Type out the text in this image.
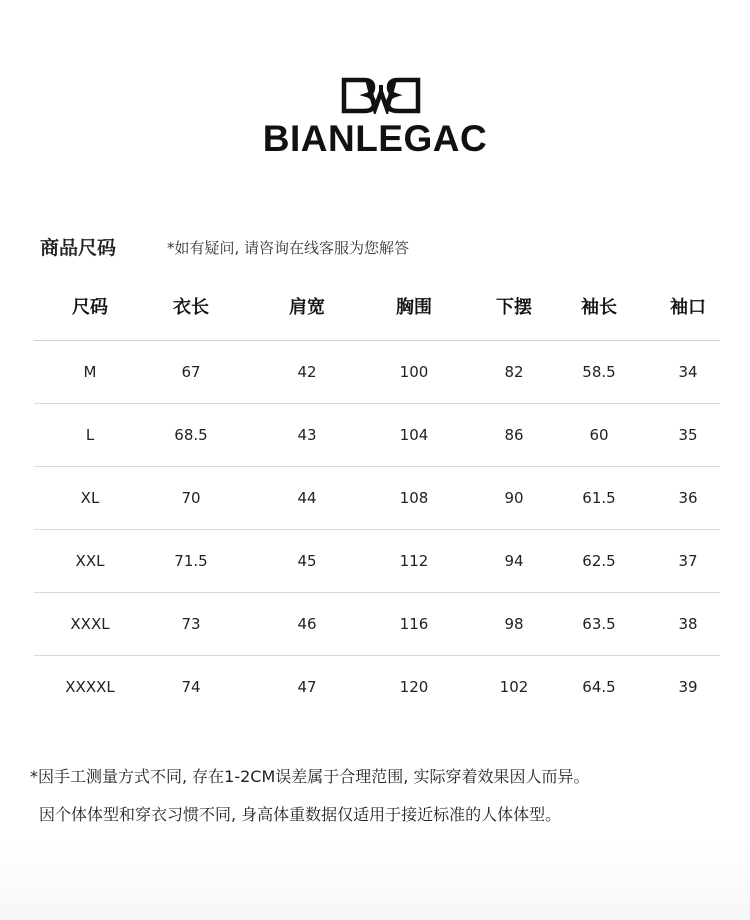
BIANLEGAC
商品尺码	*如有疑问, 请咨询在线客服为您解答
尺码	衣长	肩宽	胸围	下摆	袖长	袖口
M	67	42	100	82	58.5	34
L	68.5	43	104	86	60	35
XL	70	44	108	90	61.5	36
XXL	71.5	45	112	94	62.5	37
XXXL	73	46	116	98	63.5	38
XXXXL	74	47	120	102	64.5	39
*因手工测量方式不同, 存在1-2CM误差属于合理范围, 实际穿着效果因人而异。
因个体体型和穿衣习惯不同, 身高体重数据仅适用于接近标准的人体体型。
